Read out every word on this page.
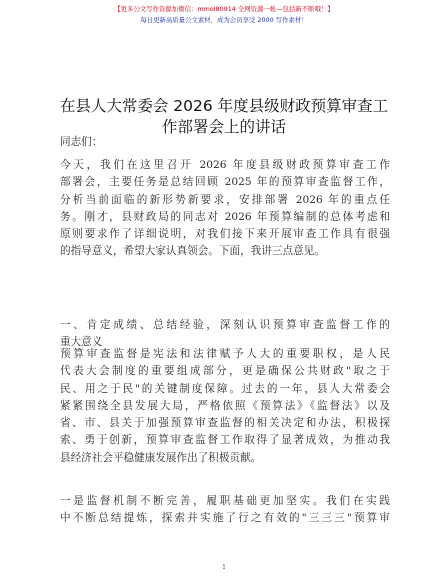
【更多公文写作资源加微信：mmol80914 全网资源一帐—包括新不断哦！】
每日更新高质量公文素材，成为会员享受 2000 写作素材！
在县人大常委会 2026 年度县级财政预算审查工
作部署会上的讲话
同志们：
今天，我们在这里召开 2026 年度县级财政预算审查工作
部署会，主要任务是总结回顾 2025 年的预算审查监督工作，
分析当前面临的新形势新要求，安排部署 2026 年的重点任
务。刚才，县财政局的同志对 2026 年预算编制的总体考虑和
原则要求作了详细说明，对我们接下来开展审查工作具有很强
的指导意义，希望大家认真领会。下面，我讲三点意见。
一、肯定成绩、总结经验，深刻认识预算审查监督工作的
重大意义
预算审查监督是宪法和法律赋予人大的重要职权，是人民
代表大会制度的重要组成部分，更是确保公共财政"取之于
民、用之于民"的关键制度保障。过去的一年，县人大常委会
紧紧围绕全县发展大局，严格依照《预算法》《监督法》以及
省、市、县关于加强预算审查监督的相关决定和办法，积极探
索、勇于创新，预算审查监督工作取得了显著成效，为推动我
县经济社会平稳健康发展作出了积极贡献。
一是监督机制不断完善，履职基础更加坚实。我们在实践
中不断总结提炼，探索并实施了行之有效的"三三三"预算审
1
